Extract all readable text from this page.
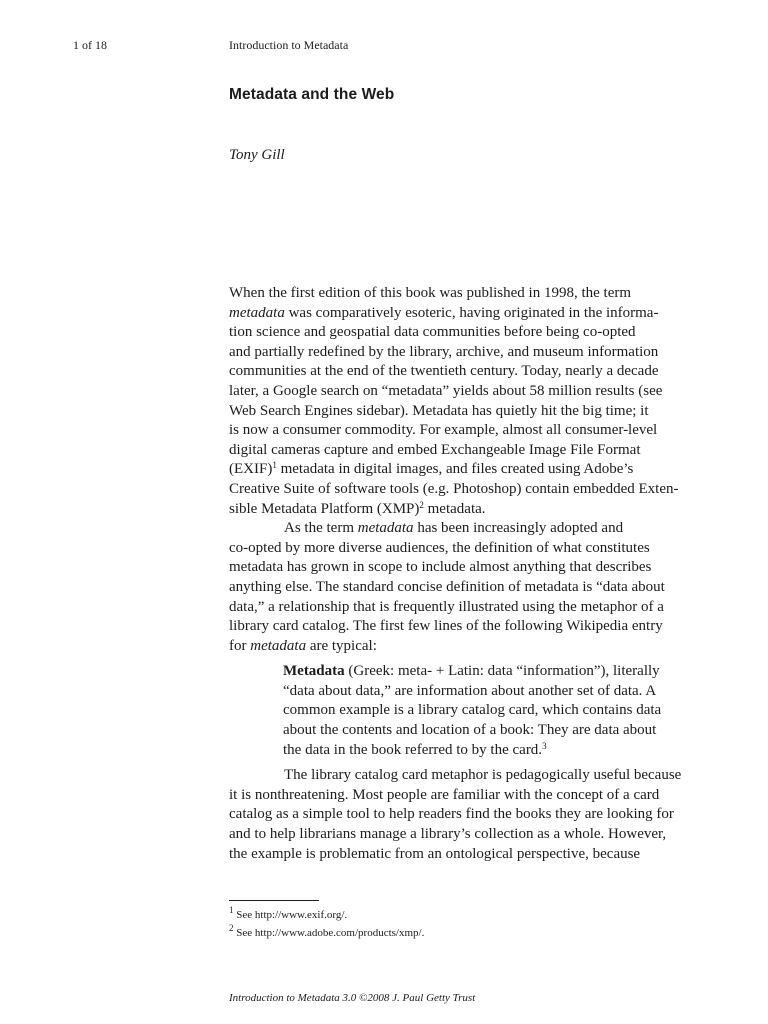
1 of 18	Introduction to Metadata
Metadata and the Web
Tony Gill
When the first edition of this book was published in 1998, the term
metadata was comparatively esoteric, having originated in the informa-
tion science and geospatial data communities before being co-opted
and partially redefined by the library, archive, and museum information
communities at the end of the twentieth century. Today, nearly a decade
later, a Google search on “metadata” yields about 58 million results (see
Web Search Engines sidebar). Metadata has quietly hit the big time; it
is now a consumer commodity. For example, almost all consumer-level
digital cameras capture and embed Exchangeable Image File Format
(EXIF)$^1$ metadata in digital images, and files created using Adobe’s
Creative Suite of software tools (e.g. Photoshop) contain embedded Exten-
sible Metadata Platform (XMP)$^2$ metadata.
As the term metadata has been increasingly adopted and
co-opted by more diverse audiences, the definition of what constitutes
metadata has grown in scope to include almost anything that describes
anything else. The standard concise definition of metadata is “data about
data,” a relationship that is frequently illustrated using the metaphor of a
library card catalog. The first few lines of the following Wikipedia entry
for metadata are typical:
Metadata (Greek: meta- + Latin: data “information”), literally
“data about data,” are information about another set of data. A
common example is a library catalog card, which contains data
about the contents and location of a book: They are data about
the data in the book referred to by the card.$^3$
The library catalog card metaphor is pedagogically useful because
it is nonthreatening. Most people are familiar with the concept of a card
catalog as a simple tool to help readers find the books they are looking for
and to help librarians manage a library’s collection as a whole. However,
the example is problematic from an ontological perspective, because
$^1$ See http://www.exif.org/.
$^2$ See http://www.adobe.com/products/xmp/.
Introduction to Metadata 3.0 ©2008 J. Paul Getty Trust
